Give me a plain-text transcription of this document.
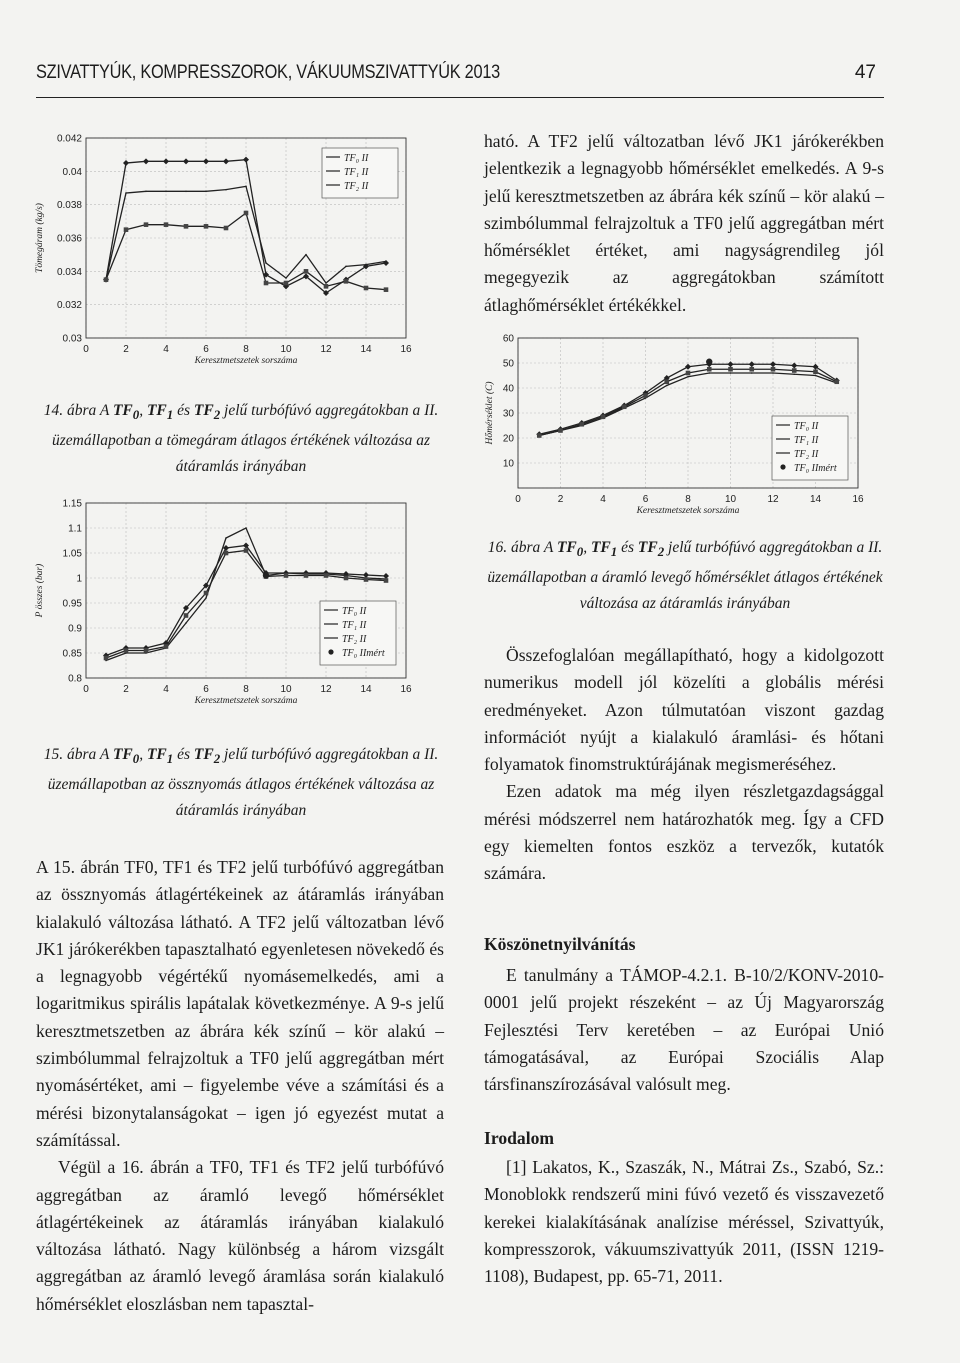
SZIVATTYÚK, KOMPRESSZOROK, VÁKUUMSZIVATTYÚK 2013	47
0	2	4	6	8	10	12	14	16
0.03
0.032
0.034
0.036
0.038
0.04
0.042
Keresztmetszetek sorszáma
Tömegáram (kg/s)
TF₀ II
TF₁ II
TF₂ II
14. ábra A $TF_0$, $TF_1$ és $TF_2$ jelű turbófúvó aggregátokban a II. üzemállapotban a tömegáram átlagos értékének változása az átáramlás irányában
0	2	4	6	8	10	12	14	16
0.8
0.85
0.9
0.95
1
1.05
1.1
1.15
Keresztmetszetek sorszáma
P összes (bar)	TF₀ II
TF₁ II
TF₂ II
TF₀ IImért
15. ábra A $TF_0$, $TF_1$ és $TF_2$ jelű turbófúvó aggregátokban a II. üzemállapotban az össznyomás átlagos értékének változása az átáramlás irányában

A 15. ábrán TF0, TF1 és TF2 jelű turbófúvó aggregátban az össznyomás átlagértékeinek az átáramlás irányában kialakuló változása látható. A TF2 jelű változatban lévő JK1 járókerékben tapasztalható egyenletesen növekedő és a legnagyobb végértékű nyomásemelkedés, ami a logaritmikus spirális lapátalak következménye. A 9-s jelű keresztmetszetben az ábrára kék színű – kör alakú – szimbólummal felrajzoltuk a TF0 jelű aggregátban mért nyomásértéket, ami – figyelembe véve a számítási és a mérési bizonytalanságokat – igen jó egyezést mutat a számítással.

Végül a 16. ábrán a TF0, TF1 és TF2 jelű turbófúvó aggregátban az áramló levegő hőmérséklet átlagértékeinek az átáramlás irányában kialakuló változása látható. Nagy különbség a három vizsgált aggregátban az áramló levegő áramlása során kialakuló hőmérséklet eloszlásban nem tapasztal-

ható. A TF2 jelű változatban lévő JK1 járókerékben jelentkezik a legnagyobb hőmérséklet emelkedés. A 9-s jelű keresztmetszetben az ábrára kék színű – kör alakú – szimbólummal felrajzoltuk a TF0 jelű aggregátban mért hőmérséklet értéket, ami nagyságrendileg jól megegyezik az aggregátokban számított átlaghőmérséklet értékékkel.

0	2	4	6	8	10	12	14	16
10
20
30
40
50
60
Keresztmetszetek sorszáma
Hőmérséklet (C)	TF₀ II
TF₁ II
TF₂ II
TF₀ IImért
16. ábra A $TF_0$, $TF_1$ és $TF_2$ jelű turbófúvó aggregátokban a II. üzemállapotban a áramló levegő hőmérséklet átlagos értékének változása az átáramlás irányában

Összefoglalóan megállapítható, hogy a kidolgozott numerikus modell jól közelíti a globális mérési eredményeket. Azon túlmutatóan viszont gazdag információt nyújt a kialakuló áramlási- és hőtani folyamatok finomstruktúrájának megismeréséhez.

Ezen adatok ma még ilyen részletgazdagsággal mérési módszerrel nem határozhatók meg. Így a CFD egy kiemelten fontos eszköz a tervezők, kutatók számára.

Köszönetnyilvánítás

E tanulmány a TÁMOP-4.2.1. B-10/2/KONV-2010-0001 jelű projekt részeként – az Új Magyarország Fejlesztési Terv keretében – az Európai Unió támogatásával, az Európai Szociális Alap társfinanszírozásával valósult meg.

Irodalom

[1] Lakatos, K., Szaszák, N., Mátrai Zs., Szabó, Sz.: Monoblokk rendszerű mini fúvó vezető és visszavezető kerekei kialakításának analízise méréssel, Szivattyúk, kompresszorok, vákuumszivattyúk 2011, (ISSN 1219-1108), Budapest, pp. 65-71, 2011.
